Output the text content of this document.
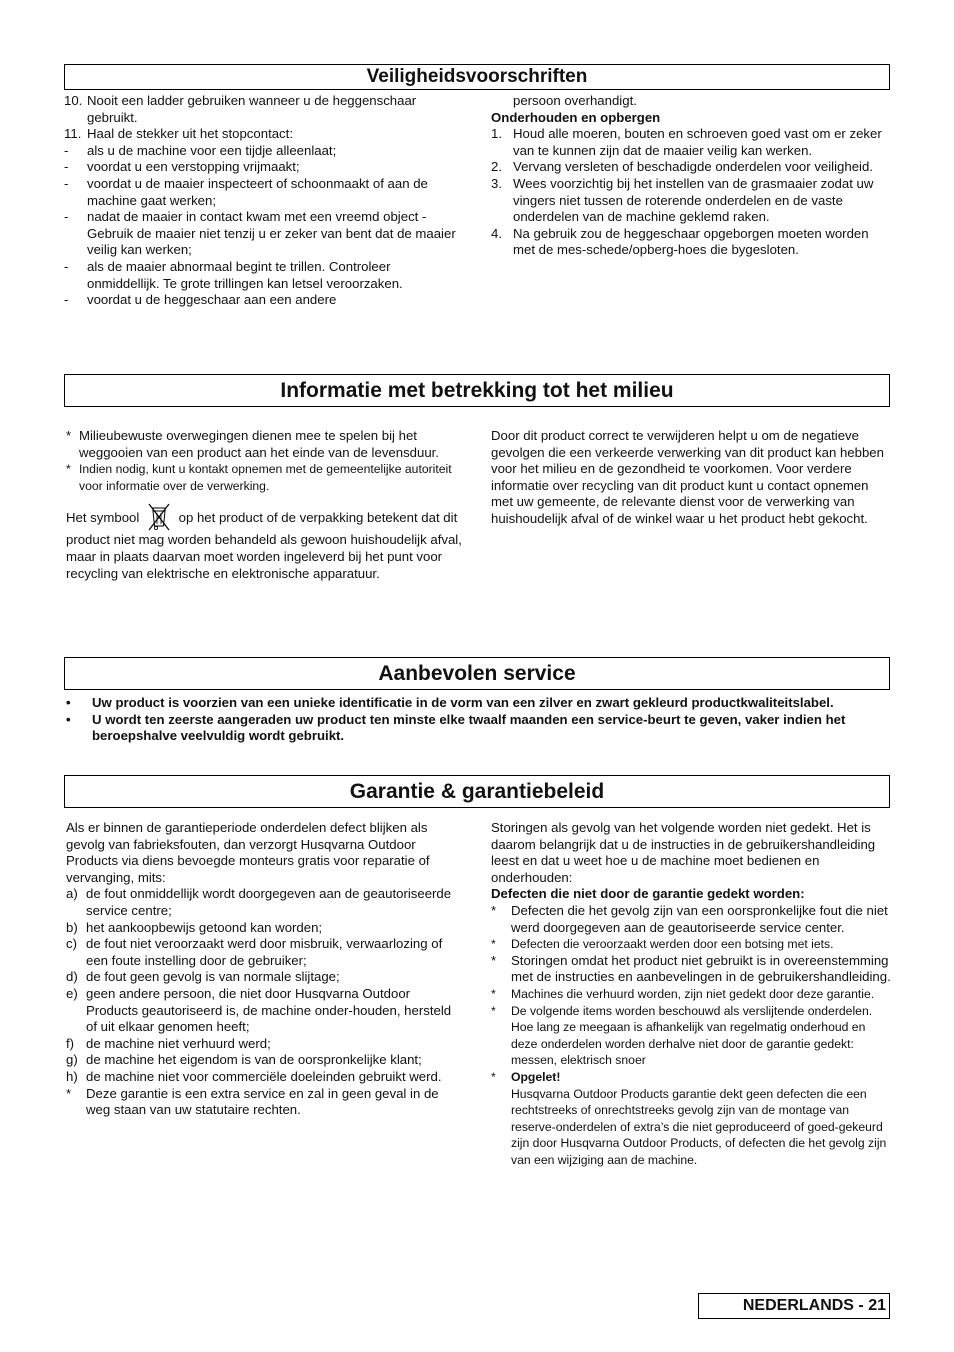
Veiligheidsvoorschriften
10. Nooit een ladder gebruiken wanneer u de heggenschaar gebruikt.
11. Haal de stekker uit het stopcontact:
-	als u de machine voor een tijdje alleenlaat;
-	voordat u een verstopping vrijmaakt;
-	voordat u de maaier inspecteert of schoonmaakt of aan de machine gaat werken;
-	nadat de maaier in contact kwam met een vreemd object - Gebruik de maaier niet tenzij u er zeker van bent dat de maaier veilig kan werken;
-	als de maaier abnormaal begint te trillen. Controleer onmiddellijk. Te grote trillingen kan letsel veroorzaken.
-	voordat u de heggeschaar aan een andere
persoon overhandigt.
Onderhouden en opbergen
1. Houd alle moeren, bouten en schroeven goed vast om er zeker van te kunnen zijn dat de maaier veilig kan werken.
2. Vervang versleten of beschadigde onderdelen voor veiligheid.
3. Wees voorzichtig bij het instellen van de grasmaaier zodat uw vingers niet tussen de roterende onderdelen en de vaste onderdelen van de machine geklemd raken.
4. Na gebruik zou de heggeschaar opgeborgen moeten worden met de mes-schede/opberg-hoes die bygesloten.
Informatie met betrekking tot het milieu
* Milieubewuste overwegingen dienen mee te spelen bij het weggooien van een product aan het einde van de levensduur.
* Indien nodig, kunt u kontakt opnemen met de gemeentelijke autoriteit voor informatie over de verwerking.
Het symbool	op het product of de verpakking betekent dat dit product niet mag worden behandeld als gewoon huishoudelijk afval, maar in plaats daarvan moet worden ingeleverd bij het punt voor recycling van elektrische en elektronische apparatuur.
Door dit product correct te verwijderen helpt u om de negatieve gevolgen die een verkeerde verwerking van dit product kan hebben voor het milieu en de gezondheid te voorkomen. Voor verdere informatie over recycling van dit product kunt u contact opnemen met uw gemeente, de relevante dienst voor de verwerking van huishoudelijk afval of de winkel waar u het product hebt gekocht.
Aanbevolen service
•	Uw product is voorzien van een unieke identificatie in de vorm van een zilver en zwart gekleurd productkwaliteitslabel.
•	U wordt ten zeerste aangeraden uw product ten minste elke twaalf maanden een service-beurt te geven, vaker indien het beroepshalve veelvuldig wordt gebruikt.
Garantie & garantiebeleid
Als er binnen de garantieperiode onderdelen defect blijken als gevolg van fabrieksfouten, dan verzorgt Husqvarna Outdoor Products via diens bevoegde monteurs gratis voor reparatie of vervanging, mits:
a) de fout onmiddellijk wordt doorgegeven aan de geautoriseerde service centre;
b) het aankoopbewijs getoond kan worden;
c) de fout niet veroorzaakt werd door misbruik, verwaarlozing of een foute instelling door de gebruiker;
d) de fout geen gevolg is van normale slijtage;
e) geen andere persoon, die niet door Husqvarna Outdoor Products geautoriseerd is, de machine onder-houden, hersteld of uit elkaar genomen heeft;
f) de machine niet verhuurd werd;
g) de machine het eigendom is van de oorspronkelijke klant;
h) de machine niet voor commerciële doeleinden gebruikt werd.
*	Deze garantie is een extra service en zal in geen geval in de weg staan van uw statutaire rechten.
Storingen als gevolg van het volgende worden niet gedekt. Het is daarom belangrijk dat u de instructies in de gebruikershandleiding leest en dat u weet hoe u de machine moet bedienen en onderhouden:
Defecten die niet door de garantie gedekt worden:
*	Defecten die het gevolg zijn van een oorspronkelijke fout die niet werd doorgegeven aan de geautoriseerde service center.
*	Defecten die veroorzaakt werden door een botsing met iets.
*	Storingen omdat het product niet gebruikt is in overeenstemming met de instructies en aanbevelingen in de gebruikershandleiding.
*	Machines die verhuurd worden, zijn niet gedekt door deze garantie.
*	De volgende items worden beschouwd als verslijtende onderdelen. Hoe lang ze meegaan is afhankelijk van regelmatig onderhoud en deze onderdelen worden derhalve niet door de garantie gedekt: messen, elektrisch snoer
*	Opgelet!
Husqvarna Outdoor Products garantie dekt geen defecten die een rechtstreeks of onrechtstreeks gevolg zijn van de montage van reserve-onderdelen of extra’s die niet geproduceerd of goed-gekeurd zijn door Husqvarna Outdoor Products, of defecten die het gevolg zijn van een wijziging aan de machine.
NEDERLANDS - 21
